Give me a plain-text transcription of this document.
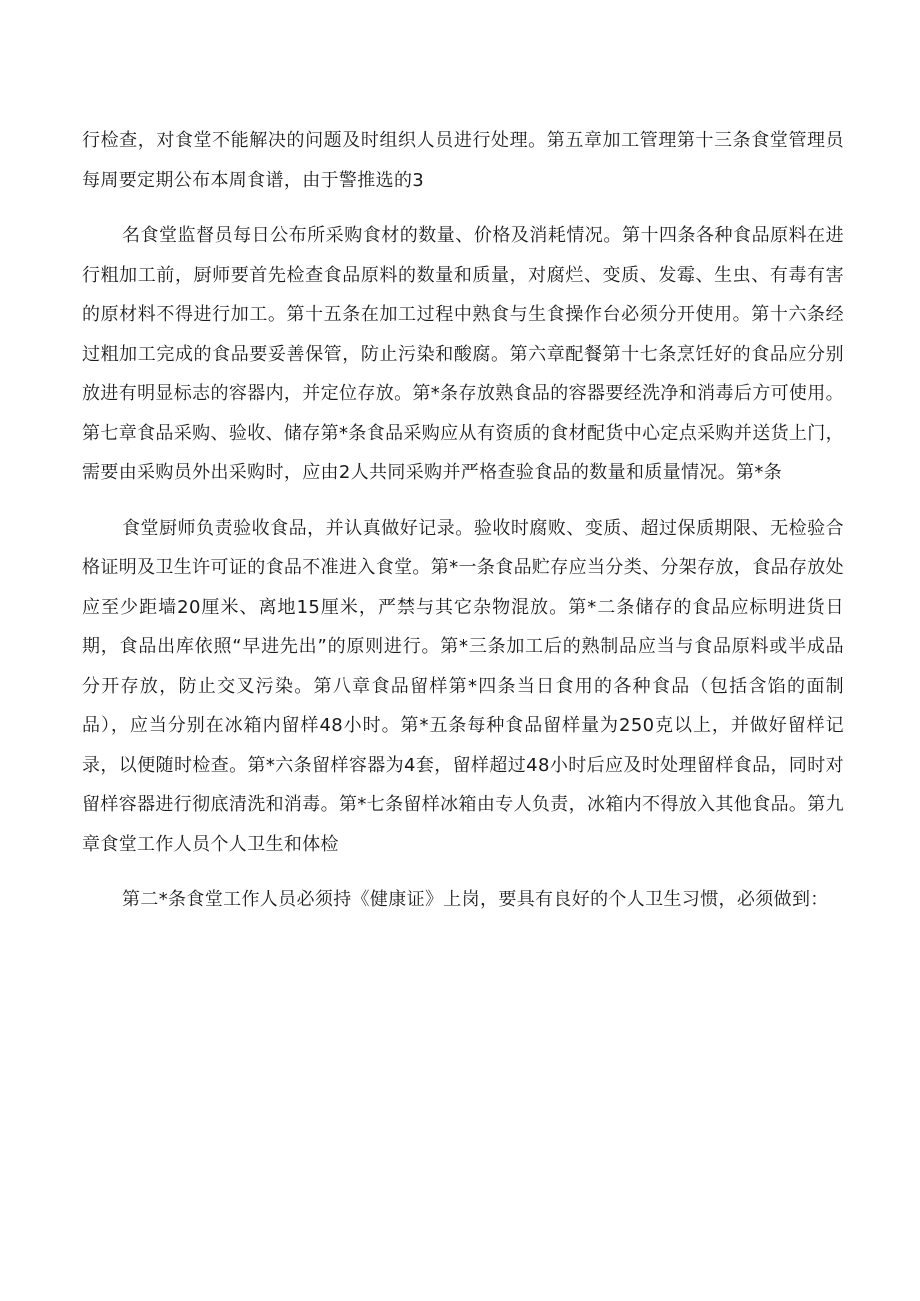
行检查，对食堂不能解决的问题及时组织人员进行处理。第五章加工管理第十三条食堂管理员每周要定期公布本周食谱，由于警推选的3

名食堂监督员每日公布所采购食材的数量、价格及消耗情况。第十四条各种食品原料在进行粗加工前，厨师要首先检查食品原料的数量和质量，对腐烂、变质、发霉、生虫、有毒有害的原材料不得进行加工。第十五条在加工过程中熟食与生食操作台必须分开使用。第十六条经过粗加工完成的食品要妥善保管，防止污染和酸腐。第六章配餐第十七条烹饪好的食品应分别放进有明显标志的容器内，并定位存放。第*条存放熟食品的容器要经洗净和消毒后方可使用。第七章食品采购、验收、储存第*条食品采购应从有资质的食材配货中心定点采购并送货上门，需要由采购员外出采购时，应由2人共同采购并严格查验食品的数量和质量情况。第*条

食堂厨师负责验收食品，并认真做好记录。验收时腐败、变质、超过保质期限、无检验合格证明及卫生许可证的食品不准进入食堂。第*一条食品贮存应当分类、分架存放，食品存放处应至少距墙20厘米、离地15厘米，严禁与其它杂物混放。第*二条储存的食品应标明进货日期，食品出库依照“早进先出”的原则进行。第*三条加工后的熟制品应当与食品原料或半成品分开存放，防止交叉污染。第八章食品留样第*四条当日食用的各种食品（包括含馅的面制品），应当分别在冰箱内留样48小时。第*五条每种食品留样量为250克以上，并做好留样记录，以便随时检查。第*六条留样容器为4套，留样超过48小时后应及时处理留样食品，同时对留样容器进行彻底清洗和消毒。第*七条留样冰箱由专人负责，冰箱内不得放入其他食品。第九章食堂工作人员个人卫生和体检

第二*条食堂工作人员必须持《健康证》上岗，要具有良好的个人卫生习惯，必须做到：
